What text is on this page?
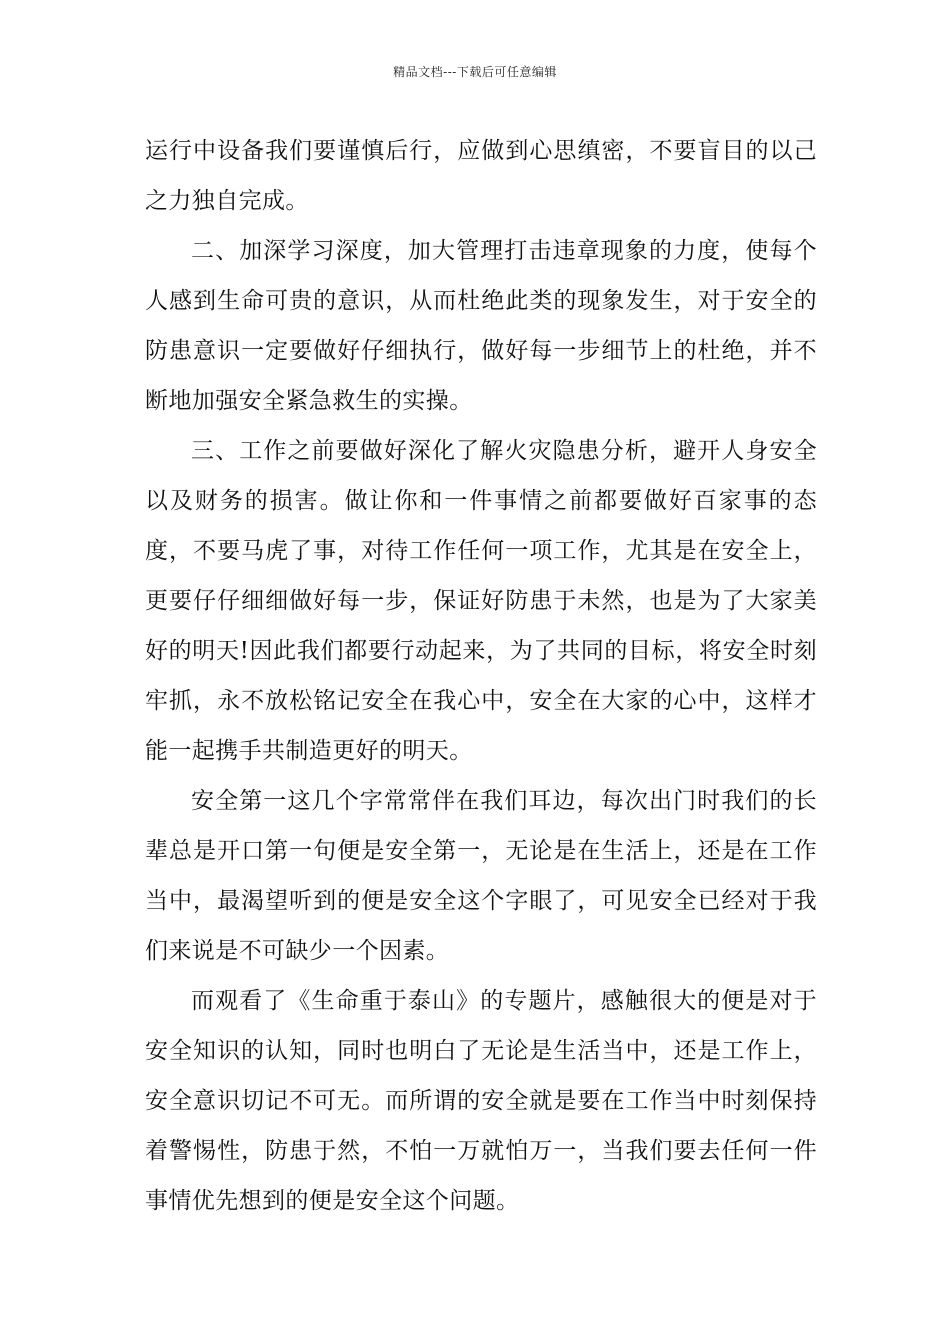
精品文档---下载后可任意编辑

运行中设备我们要谨慎后行，应做到心思缜密，不要盲目的以己之力独自完成。

二、加深学习深度，加大管理打击违章现象的力度，使每个人感到生命可贵的意识，从而杜绝此类的现象发生，对于安全的防患意识一定要做好仔细执行，做好每一步细节上的杜绝，并不断地加强安全紧急救生的实操。

三、工作之前要做好深化了解火灾隐患分析，避开人身安全以及财务的损害。做让你和一件事情之前都要做好百家事的态度，不要马虎了事，对待工作任何一项工作，尤其是在安全上，更要仔仔细细做好每一步，保证好防患于未然，也是为了大家美好的明天!因此我们都要行动起来，为了共同的目标，将安全时刻牢抓，永不放松铭记安全在我心中，安全在大家的心中，这样才能一起携手共制造更好的明天。

安全第一这几个字常常伴在我们耳边，每次出门时我们的长辈总是开口第一句便是安全第一，无论是在生活上，还是在工作当中，最渴望听到的便是安全这个字眼了，可见安全已经对于我们来说是不可缺少一个因素。

而观看了《生命重于泰山》的专题片，感触很大的便是对于安全知识的认知，同时也明白了无论是生活当中，还是工作上，安全意识切记不可无。而所谓的安全就是要在工作当中时刻保持着警惕性，防患于然，不怕一万就怕万一，当我们要去任何一件事情优先想到的便是安全这个问题。
